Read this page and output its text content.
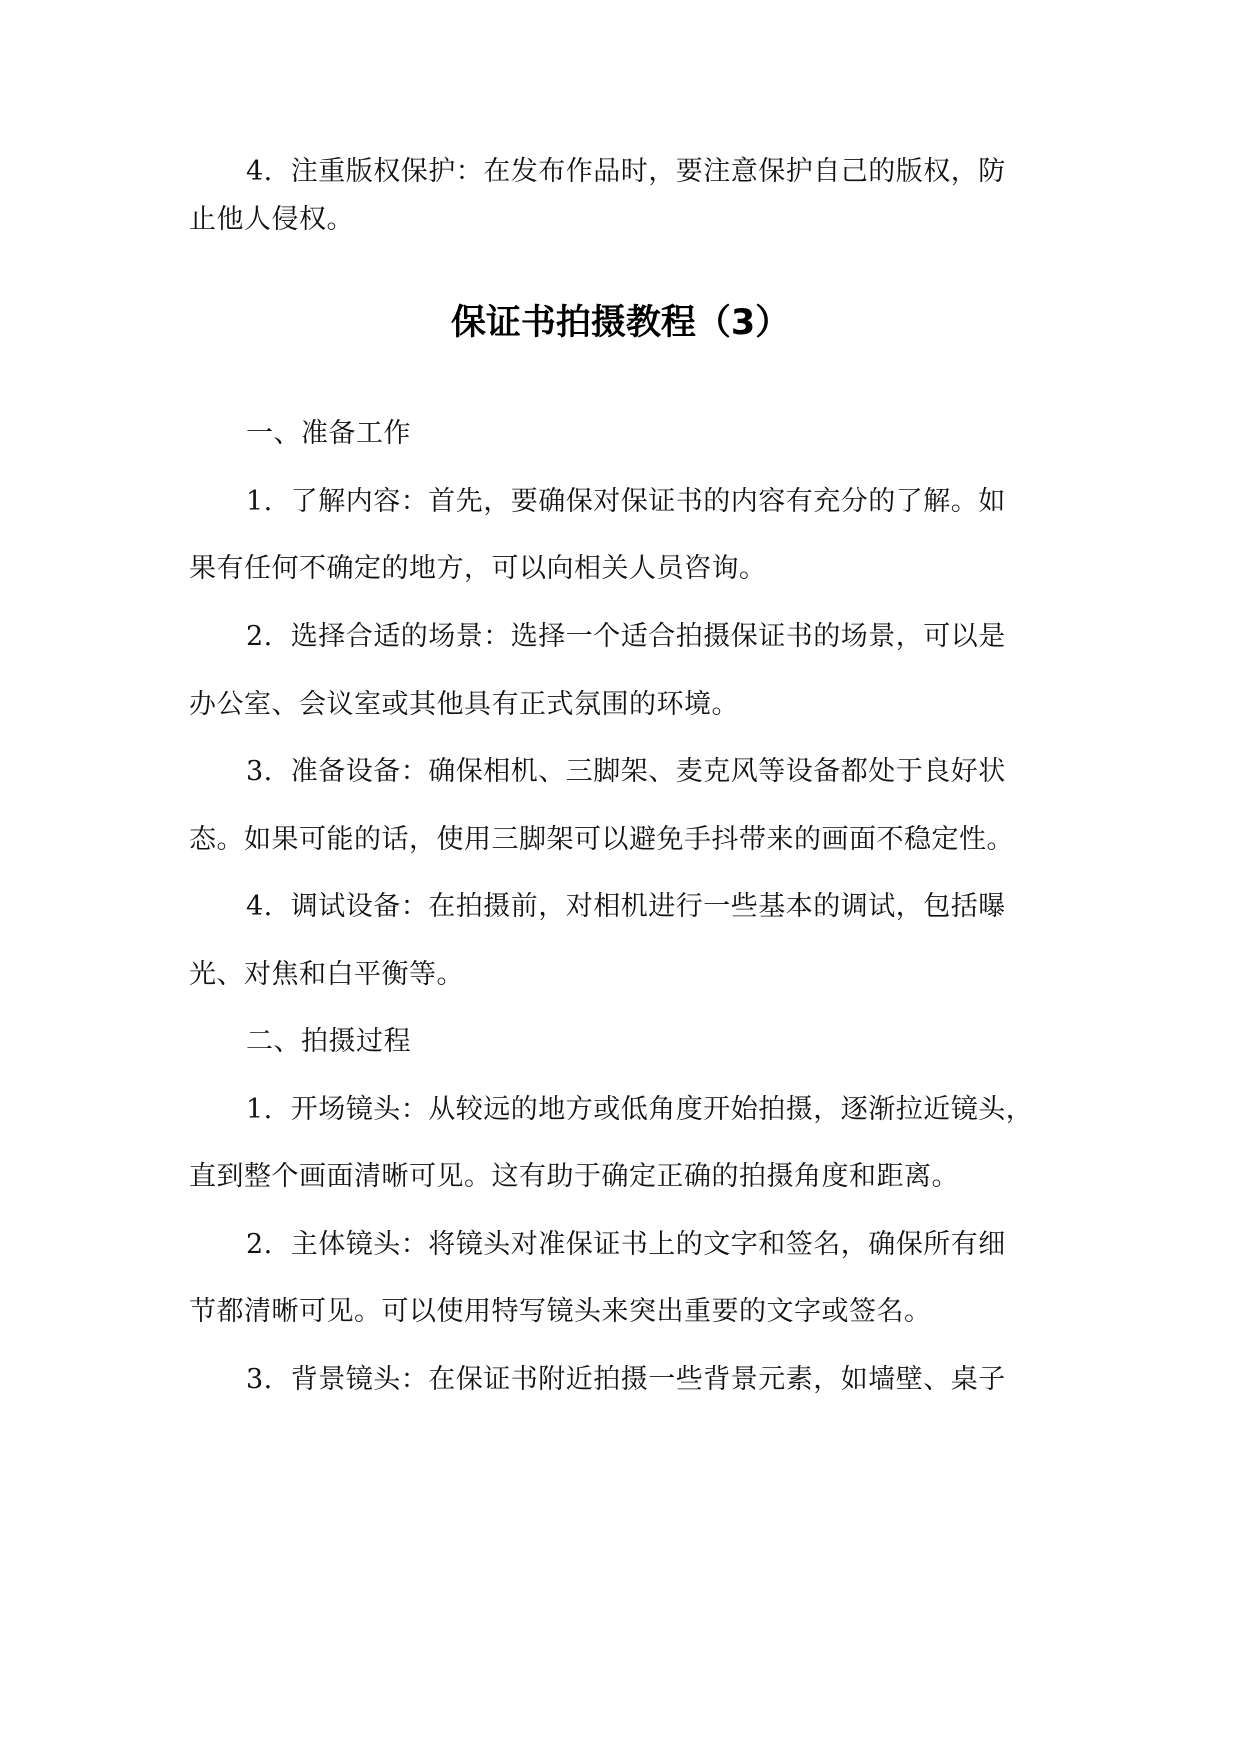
4. 注重版权保护：在发布作品时，要注意保护自己的版权，防
止他人侵权。
保证书拍摄教程（3）
一、准备工作
1. 了解内容：首先，要确保对保证书的内容有充分的了解。如
果有任何不确定的地方，可以向相关人员咨询。
2. 选择合适的场景：选择一个适合拍摄保证书的场景，可以是
办公室、会议室或其他具有正式氛围的环境。
3. 准备设备：确保相机、三脚架、麦克风等设备都处于良好状
态。如果可能的话，使用三脚架可以避免手抖带来的画面不稳定性。
4. 调试设备：在拍摄前，对相机进行一些基本的调试，包括曝
光、对焦和白平衡等。
二、拍摄过程
1. 开场镜头：从较远的地方或低角度开始拍摄，逐渐拉近镜头，
直到整个画面清晰可见。这有助于确定正确的拍摄角度和距离。
2. 主体镜头：将镜头对准保证书上的文字和签名，确保所有细
节都清晰可见。可以使用特写镜头来突出重要的文字或签名。
3. 背景镜头：在保证书附近拍摄一些背景元素，如墙壁、桌子
